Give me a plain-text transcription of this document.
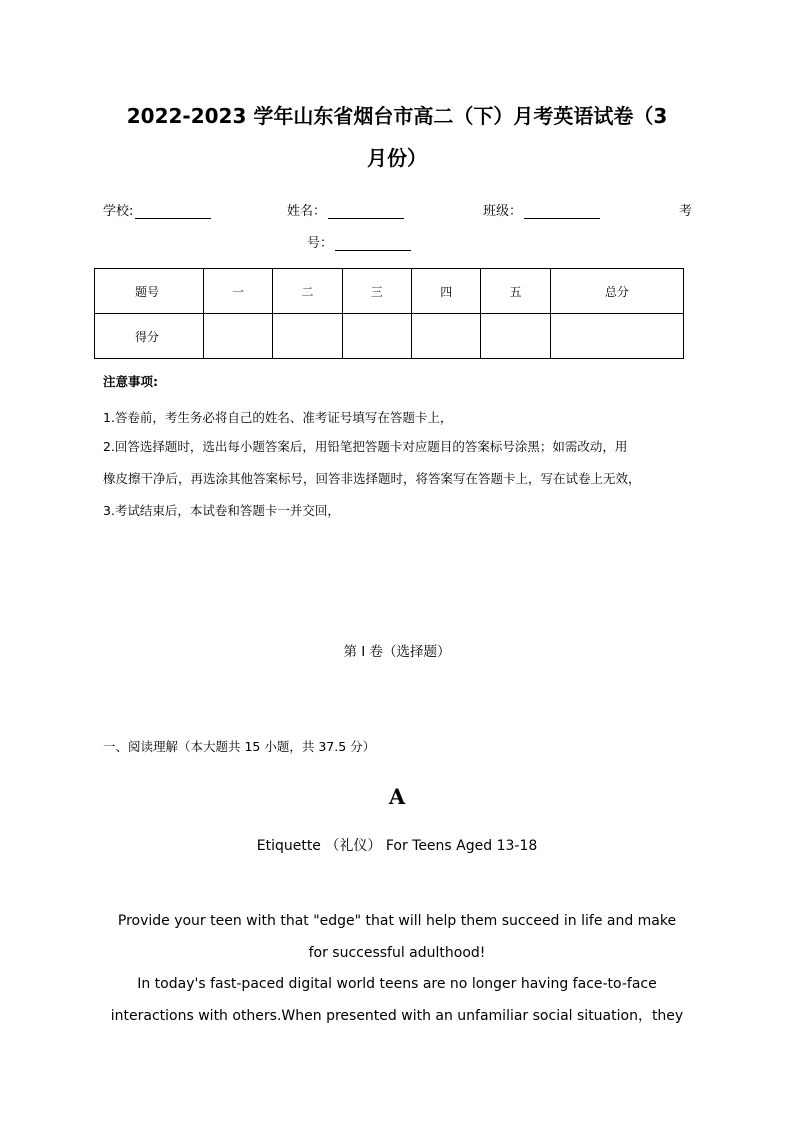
2022-2023 学年山东省烟台市高二（下）月考英语试卷（3
月份）
学校:	姓名：	班级：	考
号：
题号	一	二	三	四	五	总分
得分						
注意事项:
1.答卷前，考生务必将自己的姓名、准考证号填写在答题卡上，
2.回答选择题时，选出每小题答案后，用铅笔把答题卡对应题目的答案标号涂黑；如需改动，用
橡皮擦干净后，再选涂其他答案标号，回答非选择题时，将答案写在答题卡上，写在试卷上无效，
3.考试结束后，本试卷和答题卡一并交回，
第 I 卷（选择题）
一、阅读理解（本大题共 15 小题，共 37.5 分）
A
Etiquette （礼仪） For Teens Aged 13-18
Provide your teen with that "edge" that will help them succeed in life and make
for successful adulthood!
In today's fast-paced digital world teens are no longer having face-to-face
interactions with others.When presented with an unfamiliar social situation，they
